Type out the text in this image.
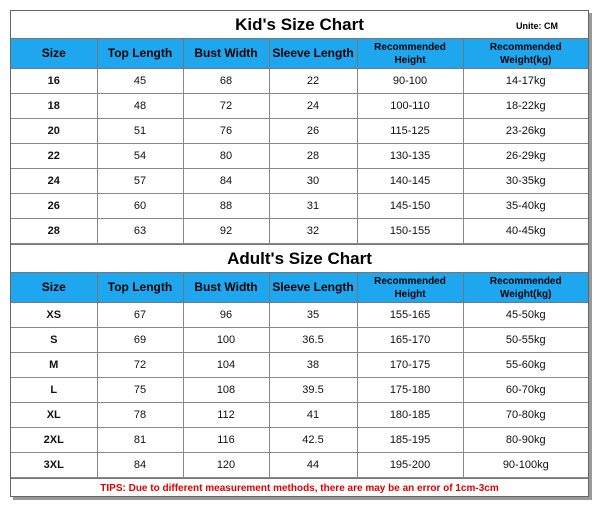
Kid's Size Chart	Unite: CM
Size	Top Length	Bust Width	Sleeve Length	Recommended Height	Recommended Weight(kg)
16	45	68	22	90-100	14-17kg
18	48	72	24	100-110	18-22kg
20	51	76	26	115-125	23-26kg
22	54	80	28	130-135	26-29kg
24	57	84	30	140-145	30-35kg
26	60	88	31	145-150	35-40kg
28	63	92	32	150-155	40-45kg
Adult's Size Chart
Size	Top Length	Bust Width	Sleeve Length	Recommended Height	Recommended Weight(kg)
XS	67	96	35	155-165	45-50kg
S	69	100	36.5	165-170	50-55kg
M	72	104	38	170-175	55-60kg
L	75	108	39.5	175-180	60-70kg
XL	78	112	41	180-185	70-80kg
2XL	81	116	42.5	185-195	80-90kg
3XL	84	120	44	195-200	90-100kg
TIPS: Due to different measurement methods, there are may be an error of 1cm-3cm
